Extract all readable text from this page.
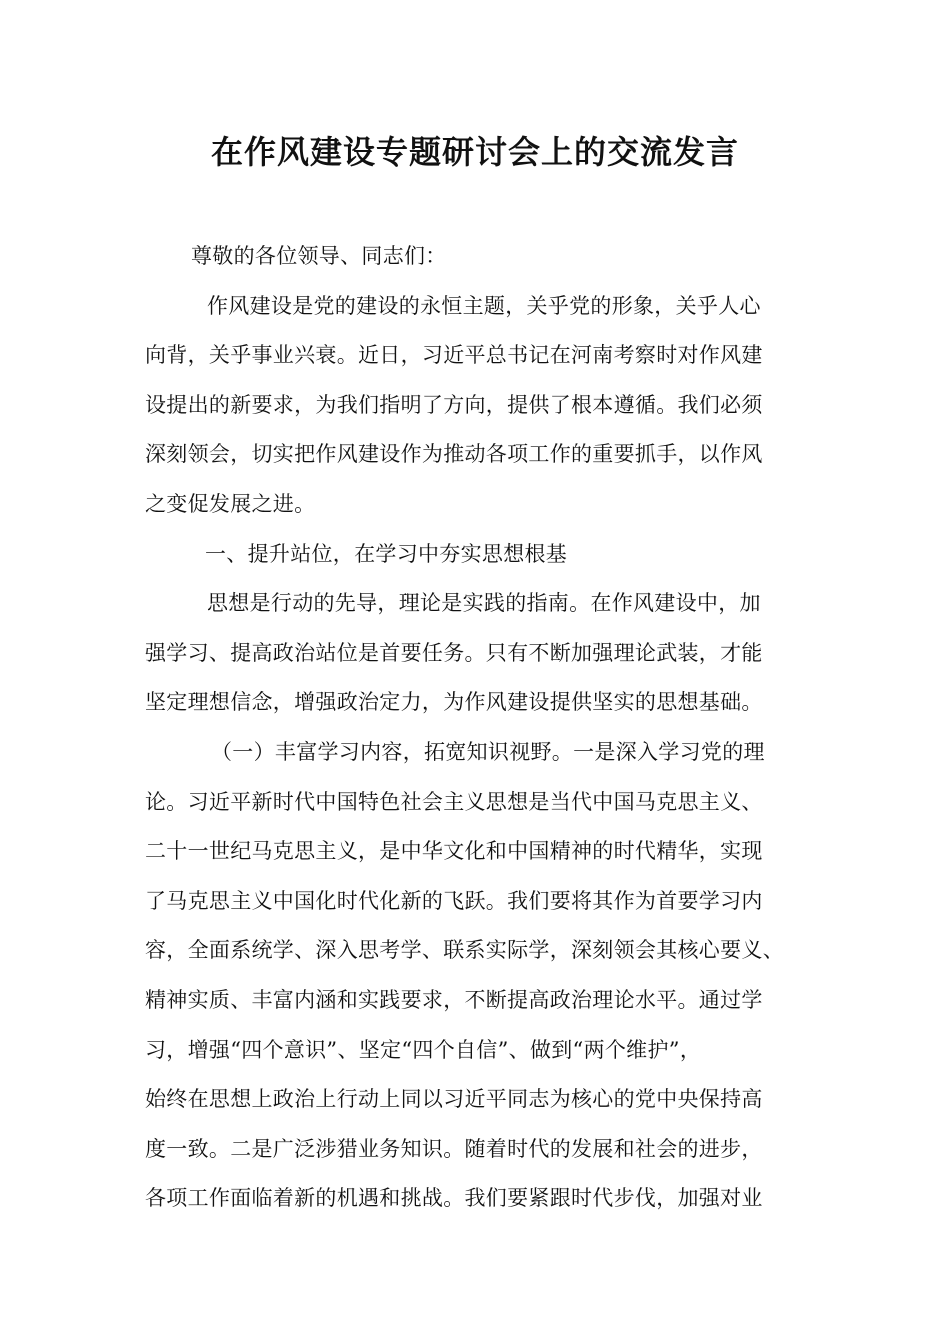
在作风建设专题研讨会上的交流发言
尊敬的各位领导、同志们：
作风建设是党的建设的永恒主题，关乎党的形象，关乎人心
向背，关乎事业兴衰。近日，习近平总书记在河南考察时对作风建
设提出的新要求，为我们指明了方向，提供了根本遵循。我们必须
深刻领会，切实把作风建设作为推动各项工作的重要抓手，以作风
之变促发展之进。
一、提升站位，在学习中夯实思想根基
思想是行动的先导，理论是实践的指南。在作风建设中，加
强学习、提高政治站位是首要任务。只有不断加强理论武装，才能
坚定理想信念，增强政治定力，为作风建设提供坚实的思想基础。
（一）丰富学习内容，拓宽知识视野。一是深入学习党的理
论。习近平新时代中国特色社会主义思想是当代中国马克思主义、
二十一世纪马克思主义，是中华文化和中国精神的时代精华，实现
了马克思主义中国化时代化新的飞跃。我们要将其作为首要学习内
容，全面系统学、深入思考学、联系实际学，深刻领会其核心要义、
精神实质、丰富内涵和实践要求，不断提高政治理论水平。通过学
习，增强“四个意识”、坚定“四个自信”、做到“两个维护”，
始终在思想上政治上行动上同以习近平同志为核心的党中央保持高
度一致。二是广泛涉猎业务知识。随着时代的发展和社会的进步，
各项工作面临着新的机遇和挑战。我们要紧跟时代步伐，加强对业
